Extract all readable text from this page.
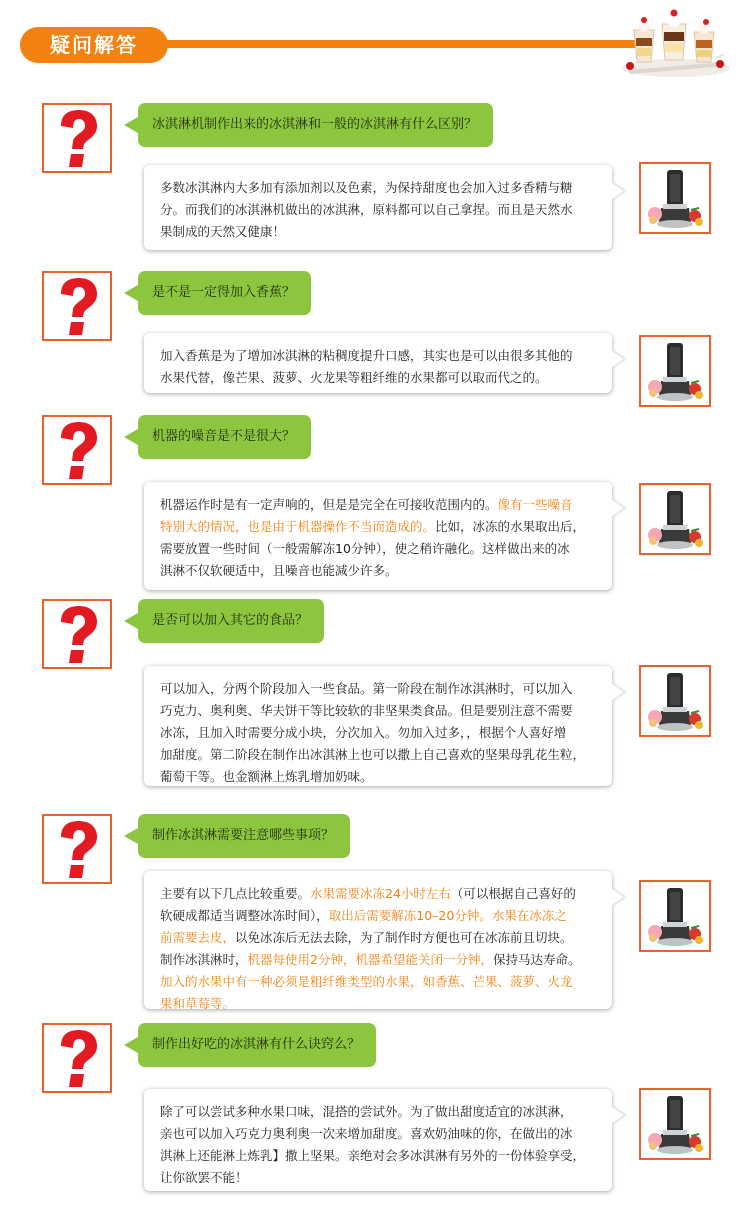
疑问解答
冰淇淋机制作出来的冰淇淋和一般的冰淇淋有什么区别？
多数冰淇淋内大多加有添加剂以及色素，为保持甜度也会加入过多香精与糖
分。而我们的冰淇淋机做出的冰淇淋，原料都可以自己拿捏。而且是天然水
果制成的天然又健康！
是不是一定得加入香蕉？
加入香蕉是为了增加冰淇淋的粘稠度提升口感，其实也是可以由很多其他的
水果代替，像芒果、菠萝、火龙果等粗纤维的水果都可以取而代之的。
机器的噪音是不是很大？
机器运作时是有一定声响的，但是是完全在可接收范围内的。像有一些噪音
特别大的情况，也是由于机器操作不当而造成的。比如，冰冻的水果取出后，
需要放置一些时间（一般需解冻10分钟），使之稍许融化。这样做出来的冰
淇淋不仅软硬适中，且噪音也能减少许多。
是否可以加入其它的食品？
可以加入，分两个阶段加入一些食品。第一阶段在制作冰淇淋时，可以加入
巧克力、奥利奥、华夫饼干等比较软的非坚果类食品。但是要别注意不需要
冰冻，且加入时需要分成小块，分次加入。勿加入过多，，根据个人喜好增
加甜度。第二阶段在制作出冰淇淋上也可以撒上自己喜欢的坚果母乳花生粒，
葡萄干等。也金额淋上炼乳增加奶味。
制作冰淇淋需要注意哪些事项？
主要有以下几点比较重要。水果需要冰冻24小时左右（可以根据自己喜好的
软硬成都适当调整冰冻时间），取出后需要解冻10–20分钟。水果在冰冻之
前需要去皮，以免冰冻后无法去除，为了制作时方便也可在冰冻前且切块。
制作冰淇淋时，机器每使用2分钟，机器希望能关闭一分钟，保持马达寿命。
加入的水果中有一种必须是粗纤维类型的水果，如香蕉、芒果、菠萝、火龙
果和草莓等。
制作出好吃的冰淇淋有什么诀窍么？
除了可以尝试多种水果口味，混搭的尝试外。为了做出甜度适宜的冰淇淋，
亲也可以加入巧克力奥利奥一次来增加甜度。喜欢奶油味的你，在做出的冰
淇淋上还能淋上炼乳】撒上坚果。亲绝对会多冰淇淋有另外的一份体验享受，
让你欲罢不能！
